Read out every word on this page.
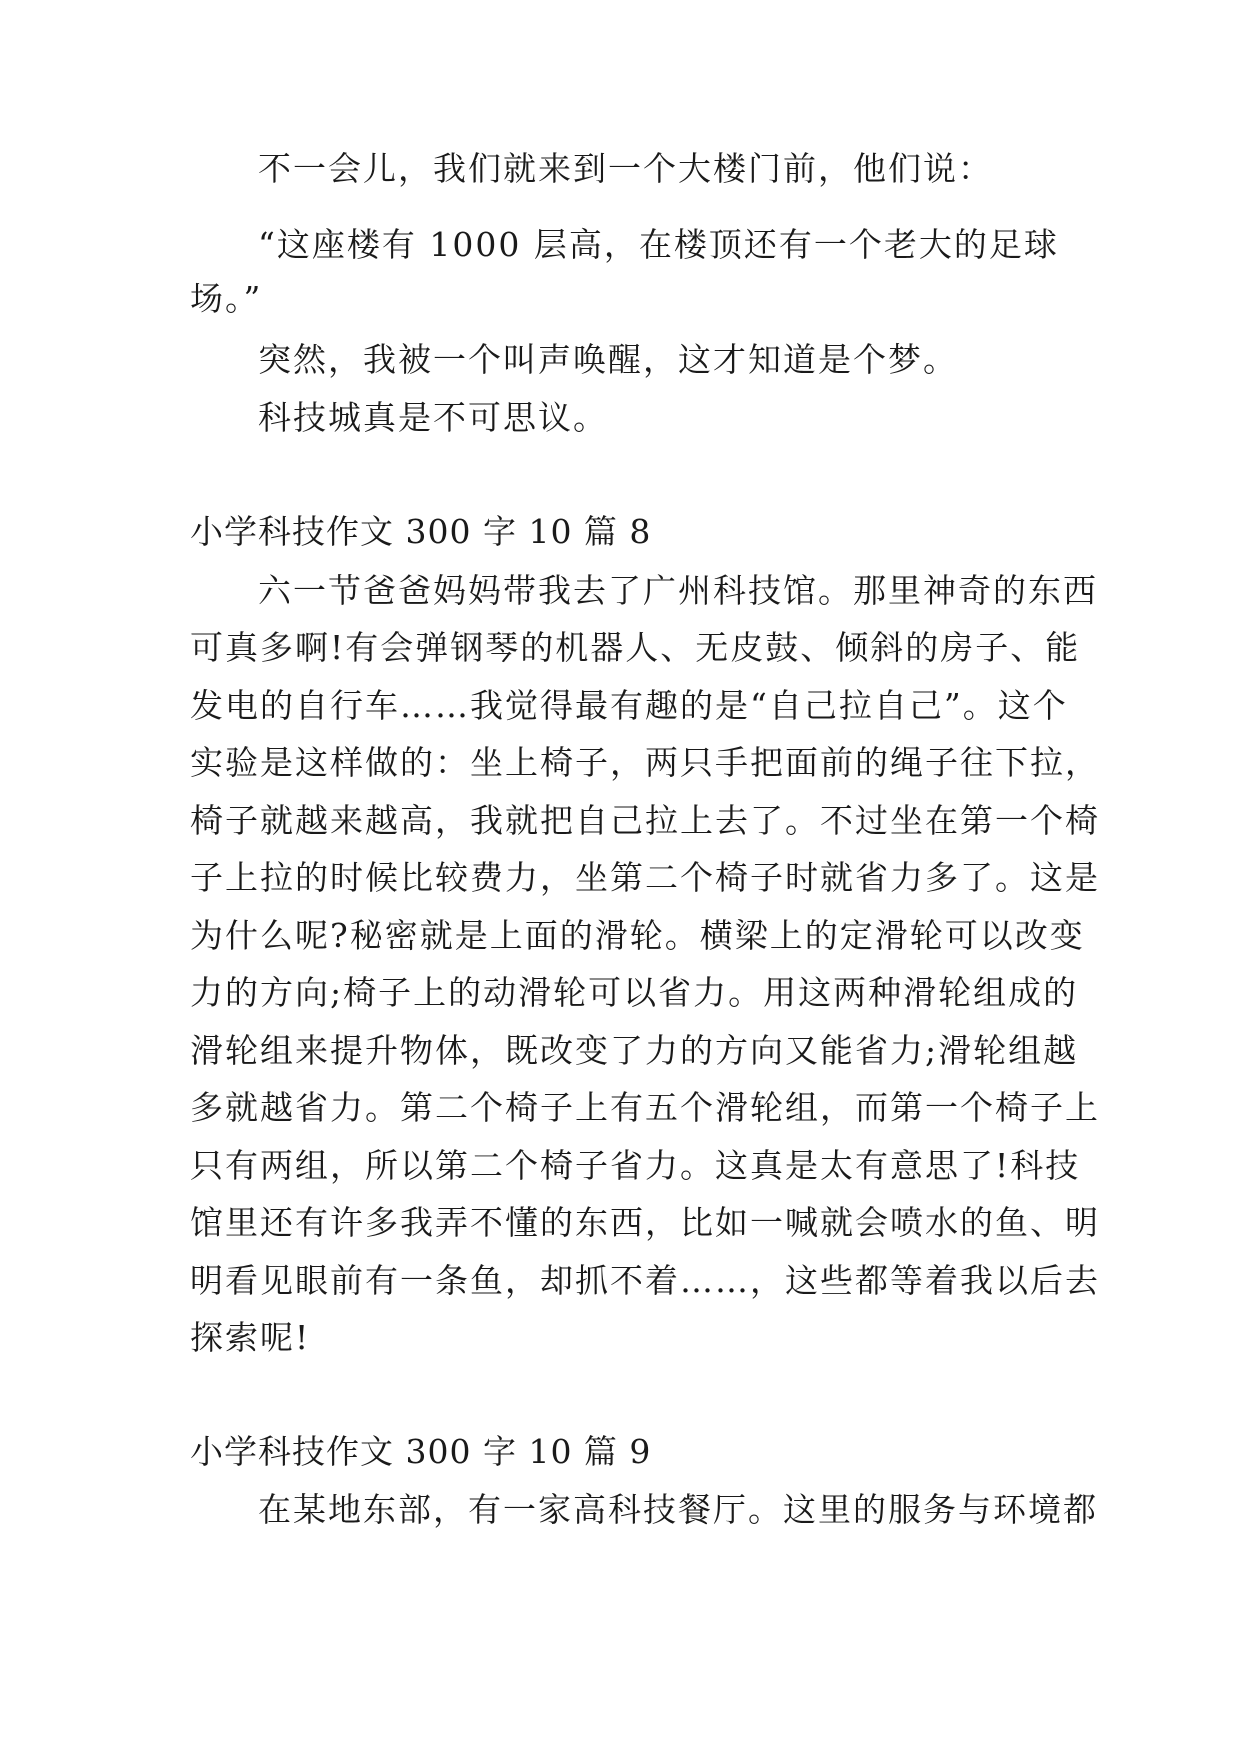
不一会儿，我们就来到一个大楼门前，他们说：
“这座楼有 1000 层高，在楼顶还有一个老大的足球
场。”
突然，我被一个叫声唤醒，这才知道是个梦。
科技城真是不可思议。
小学科技作文 300 字 10 篇 8
六一节爸爸妈妈带我去了广州科技馆。那里神奇的东西
可真多啊!有会弹钢琴的机器人、无皮鼓、倾斜的房子、能
发电的自行车……我觉得最有趣的是“自己拉自己”。这个
实验是这样做的：坐上椅子，两只手把面前的绳子往下拉，
椅子就越来越高，我就把自己拉上去了。不过坐在第一个椅
子上拉的时候比较费力，坐第二个椅子时就省力多了。这是
为什么呢?秘密就是上面的滑轮。横梁上的定滑轮可以改变
力的方向;椅子上的动滑轮可以省力。用这两种滑轮组成的
滑轮组来提升物体，既改变了力的方向又能省力;滑轮组越
多就越省力。第二个椅子上有五个滑轮组，而第一个椅子上
只有两组，所以第二个椅子省力。这真是太有意思了!科技
馆里还有许多我弄不懂的东西，比如一喊就会喷水的鱼、明
明看见眼前有一条鱼，却抓不着……，这些都等着我以后去
探索呢!
小学科技作文 300 字 10 篇 9
在某地东部，有一家高科技餐厅。这里的服务与环境都
